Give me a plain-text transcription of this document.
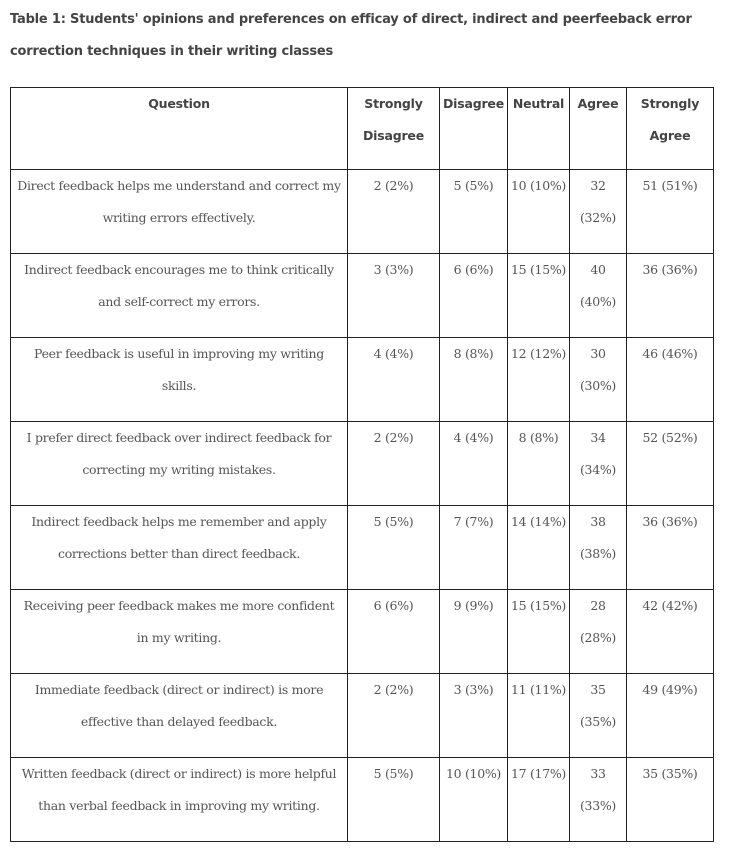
Table 1: Students' opinions and preferences on efficay of direct, indirect and peerfeeback error correction techniques in their writing classes
Question	Strongly Disagree	Disagree	Neutral	Agree	Strongly Agree
Direct feedback helps me understand and correct my writing errors effectively.	2 (2%)	5 (5%)	10 (10%)	32 (32%)	51 (51%)
Indirect feedback encourages me to think critically and self-correct my errors.	3 (3%)	6 (6%)	15 (15%)	40 (40%)	36 (36%)
Peer feedback is useful in improving my writing skills.	4 (4%)	8 (8%)	12 (12%)	30 (30%)	46 (46%)
I prefer direct feedback over indirect feedback for correcting my writing mistakes.	2 (2%)	4 (4%)	8 (8%)	34 (34%)	52 (52%)
Indirect feedback helps me remember and apply corrections better than direct feedback.	5 (5%)	7 (7%)	14 (14%)	38 (38%)	36 (36%)
Receiving peer feedback makes me more confident in my writing.	6 (6%)	9 (9%)	15 (15%)	28 (28%)	42 (42%)
Immediate feedback (direct or indirect) is more effective than delayed feedback.	2 (2%)	3 (3%)	11 (11%)	35 (35%)	49 (49%)
Written feedback (direct or indirect) is more helpful than verbal feedback in improving my writing.	5 (5%)	10 (10%)	17 (17%)	33 (33%)	35 (35%)
